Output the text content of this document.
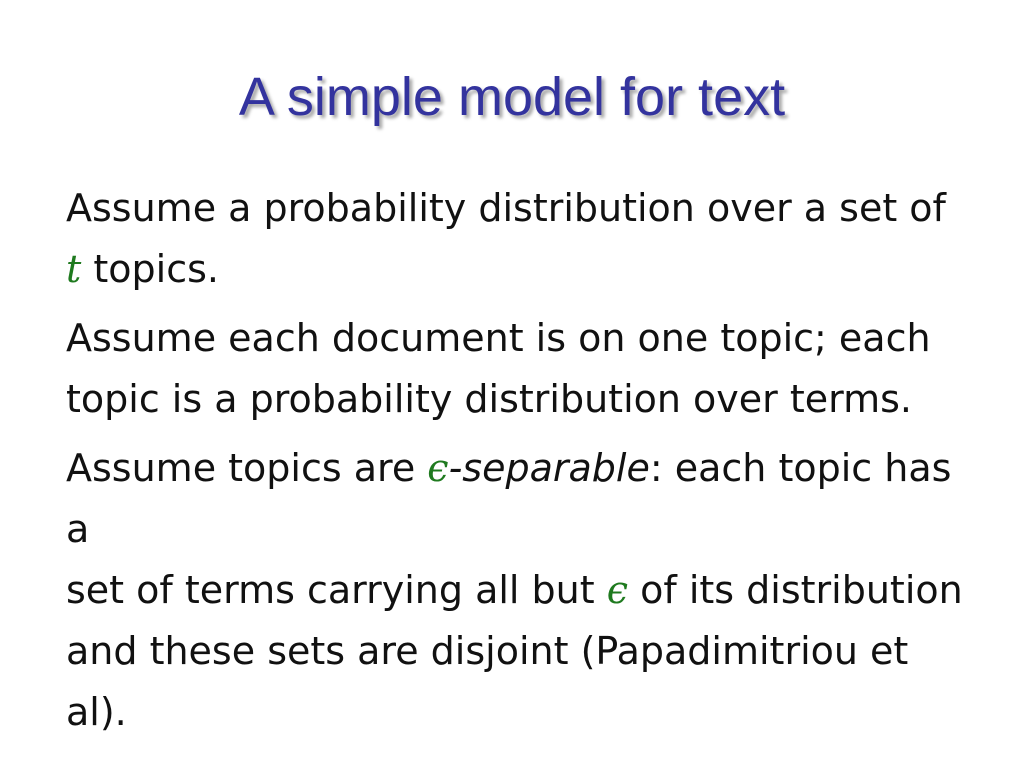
A simple model for text
Assume a probability distribution over a set of
t topics.
Assume each document is on one topic; each
topic is a probability distribution over terms.
Assume topics are ϵ-separable: each topic has a
set of terms carrying all but ϵ of its distribution
and these sets are disjoint (Papadimitriou et
al).
